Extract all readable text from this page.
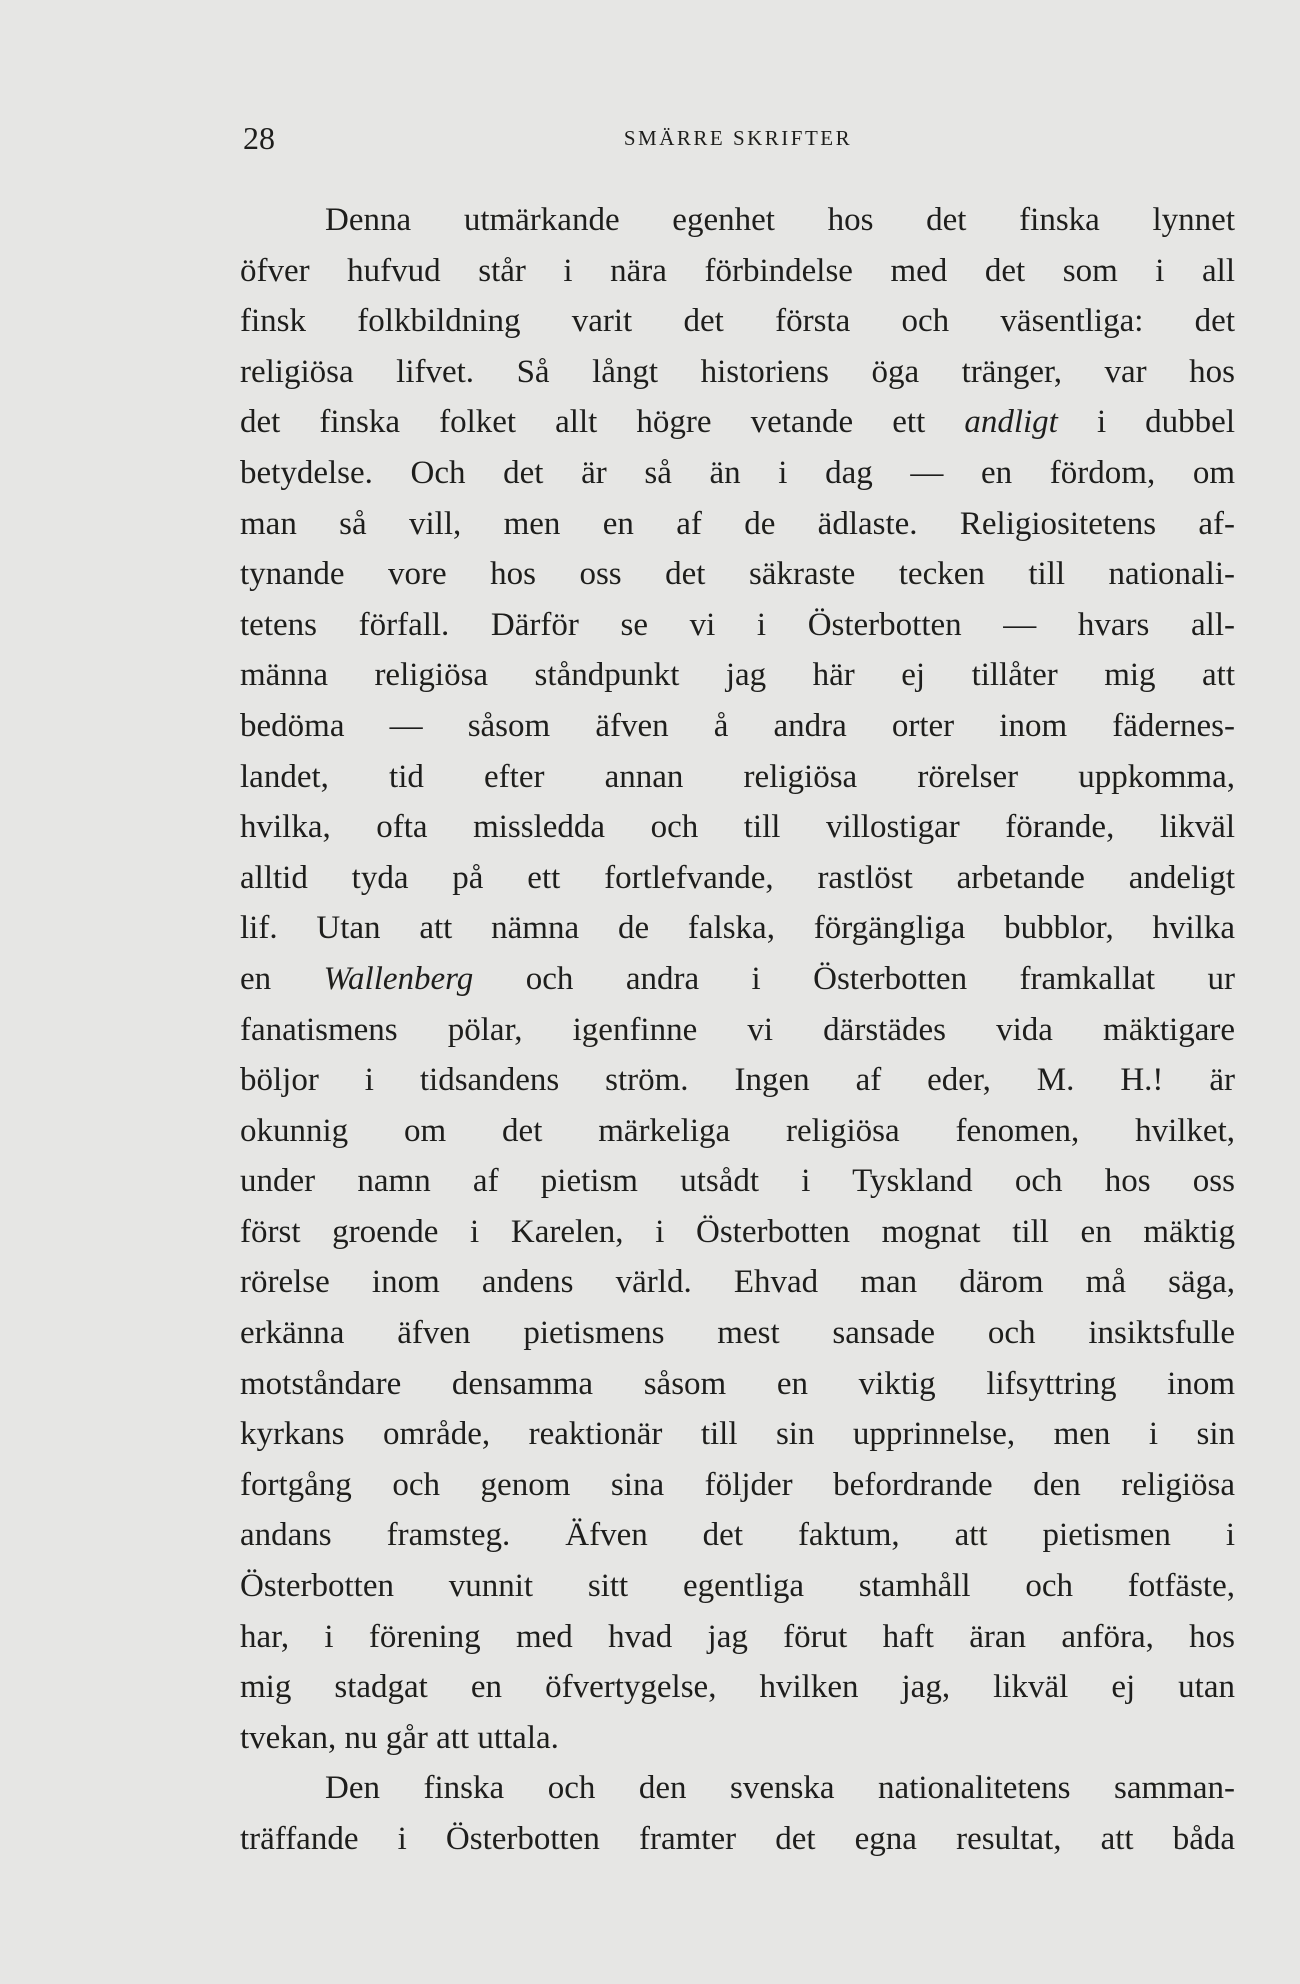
28	SMÄRRE SKRIFTER
Denna utmärkande egenhet hos det finska lynnet
öfver hufvud står i nära förbindelse med det som i all
finsk folkbildning varit det första och väsentliga: det
religiösa lifvet. Så långt historiens öga tränger, var hos
det finska folket allt högre vetande ett andligt i dubbel
betydelse. Och det är så än i dag — en fördom, om
man så vill, men en af de ädlaste. Religiositetens af-
tynande vore hos oss det säkraste tecken till nationali-
tetens förfall. Därför se vi i Österbotten — hvars all-
männa religiösa ståndpunkt jag här ej tillåter mig att
bedöma — såsom äfven å andra orter inom fädernes-
landet, tid efter annan religiösa rörelser uppkomma,
hvilka, ofta missledda och till villostigar förande, likväl
alltid tyda på ett fortlefvande, rastlöst arbetande andeligt
lif. Utan att nämna de falska, förgängliga bubblor, hvilka
en Wallenberg och andra i Österbotten framkallat ur
fanatismens pölar, igenfinne vi därstädes vida mäktigare
böljor i tidsandens ström. Ingen af eder, M. H.! är
okunnig om det märkeliga religiösa fenomen, hvilket,
under namn af pietism utsådt i Tyskland och hos oss
först groende i Karelen, i Österbotten mognat till en mäktig
rörelse inom andens värld. Ehvad man därom må säga,
erkänna äfven pietismens mest sansade och insiktsfulle
motståndare densamma såsom en viktig lifsyttring inom
kyrkans område, reaktionär till sin upprinnelse, men i sin
fortgång och genom sina följder befordrande den religiösa
andans framsteg. Äfven det faktum, att pietismen i
Österbotten vunnit sitt egentliga stamhåll och fotfäste,
har, i förening med hvad jag förut haft äran anföra, hos
mig stadgat en öfvertygelse, hvilken jag, likväl ej utan
tvekan, nu går att uttala.
Den finska och den svenska nationalitetens samman-
träffande i Österbotten framter det egna resultat, att båda
